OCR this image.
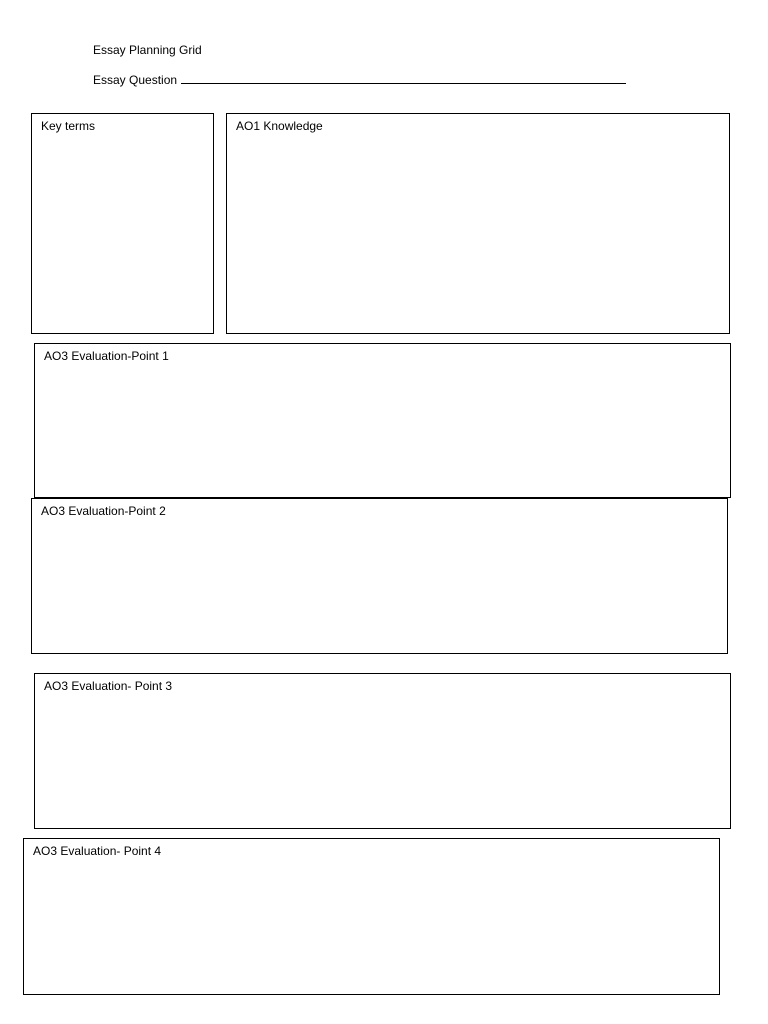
Essay Planning Grid
Essay Question
Key terms	AO1 Knowledge
AO3 Evaluation-Point 1
AO3 Evaluation-Point 2
AO3 Evaluation- Point 3
AO3 Evaluation- Point 4
